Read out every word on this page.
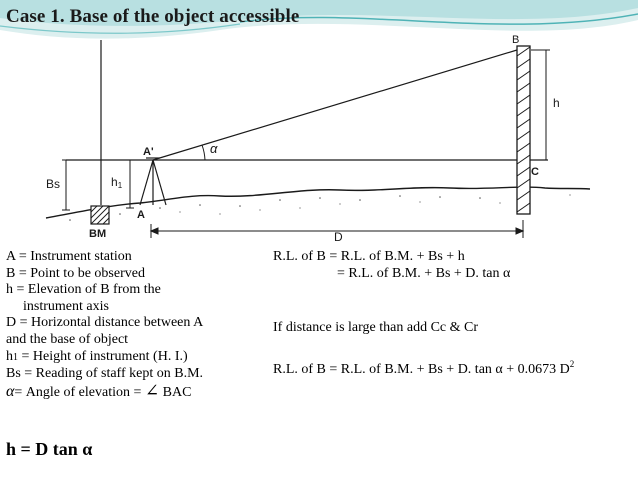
Case 1. Base of the object accessible
B
A'	α
h
C
Bs	h1
A
BM	D
A = Instrument station
B = Point to be observed
h = Elevation of B from the
instrument axis
D = Horizontal distance between A
and the base of object
h1 = Height of instrument (H. I.)
Bs = Reading of staff kept on B.M.
α= Angle of elevation = ∠ BAC
R.L. of B = R.L. of B.M. + Bs + h
= R.L. of B.M. + Bs + D. tan α
If distance is large than add Cc & Cr
R.L. of B = R.L. of B.M. + Bs + D. tan α + 0.0673 $D^2$
h = D tan α
